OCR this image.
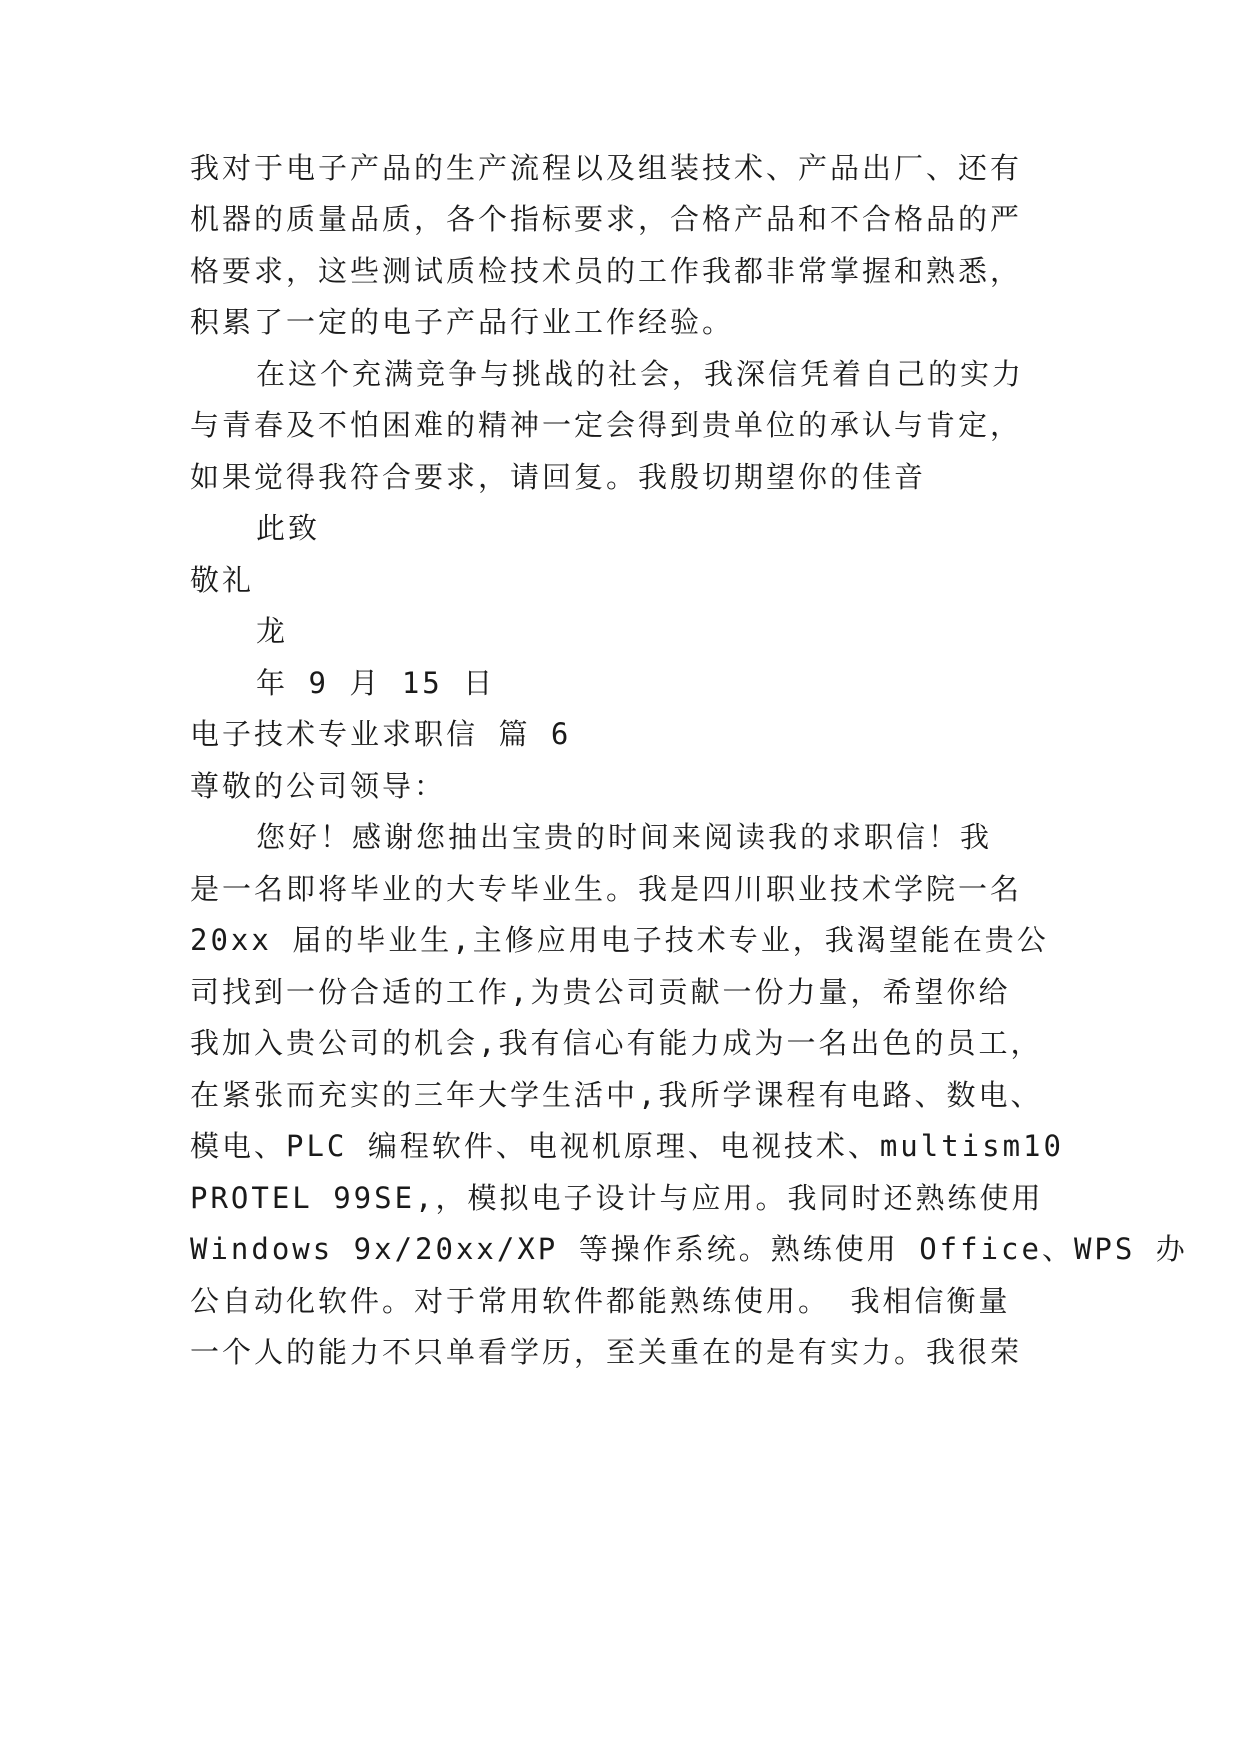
我对于电子产品的生产流程以及组装技术、产品出厂、还有
机器的质量品质，各个指标要求，合格产品和不合格品的严
格要求，这些测试质检技术员的工作我都非常掌握和熟悉，
积累了一定的电子产品行业工作经验。
在这个充满竞争与挑战的社会，我深信凭着自己的实力
与青春及不怕困难的精神一定会得到贵单位的承认与肯定，
如果觉得我符合要求，请回复。我殷切期望你的佳音
此致
敬礼
龙
年 9 月 15 日
电子技术专业求职信 篇 6
尊敬的公司领导：
您好！感谢您抽出宝贵的时间来阅读我的求职信！我
是一名即将毕业的大专毕业生。我是四川职业技术学院一名
20xx 届的毕业生,主修应用电子技术专业，我渴望能在贵公
司找到一份合适的工作,为贵公司贡献一份力量，希望你给
我加入贵公司的机会,我有信心有能力成为一名出色的员工，
在紧张而充实的三年大学生活中,我所学课程有电路、数电、
模电、PLC 编程软件、电视机原理、电视技术、multism10
PROTEL 99SE,，模拟电子设计与应用。我同时还熟练使用
Windows 9x/20xx/XP 等操作系统。熟练使用 Office、WPS 办
公自动化软件。对于常用软件都能熟练使用。 我相信衡量
一个人的能力不只单看学历，至关重在的是有实力。我很荣
